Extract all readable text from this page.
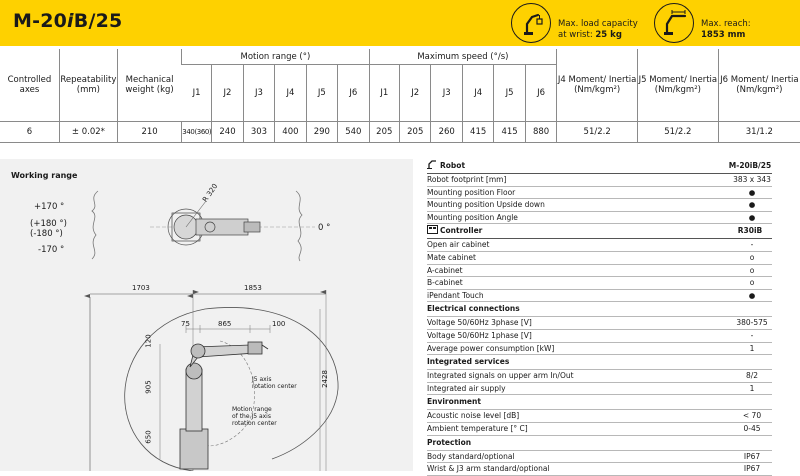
M-20iB/25	Max. load capacity
at wrist: 25 kg
Max. reach:
1853 mm
Controlled axes	Repeatability (mm)	Mechanical weight (kg)	Motion range (°)						Maximum speed (°/s)						J4 Moment/ Inertia (Nm/kgm²)	J5 Moment/ Inertia (Nm/kgm²)	J6 Moment/ Inertia (Nm/kgm²)
			J1	J2	J3	J4	J5	J6	J1	J2	J3	J4	J5	J6			
6	± 0.02*	210	340(360)	240	303	400	290	540	205	205	260	415	415	880	51/2.2	51/2.2	31/1.2
Working range
+170 °
(+180 °)
(-180 °)
-170 °
0 °
R 320
1703	1853
75	865	100
120
905
650
2428
J5 axis
rotation center
Motion range
of the J5 axis
rotation center
Robot	M-20iB/25
Robot footprint [mm]	383 x 343
Mounting position Floor	●
Mounting position Upside down	●
Mounting position Angle	●
Controller	R30iB
Open air cabinet	-
Mate cabinet	o
A-cabinet	o
B-cabinet	o
iPendant Touch	●
Electrical connections
Voltage 50/60Hz 3phase [V]	380-575
Voltage 50/60Hz 1phase [V]	-
Average power consumption [kW]	1
Integrated services
Integrated signals on upper arm In/Out	8/2
Integrated air supply	1
Environment
Acoustic noise level [dB]	< 70
Ambient temperature [° C]	0-45
Protection
Body standard/optional	IP67
Wrist & J3 arm standard/optional	IP67
